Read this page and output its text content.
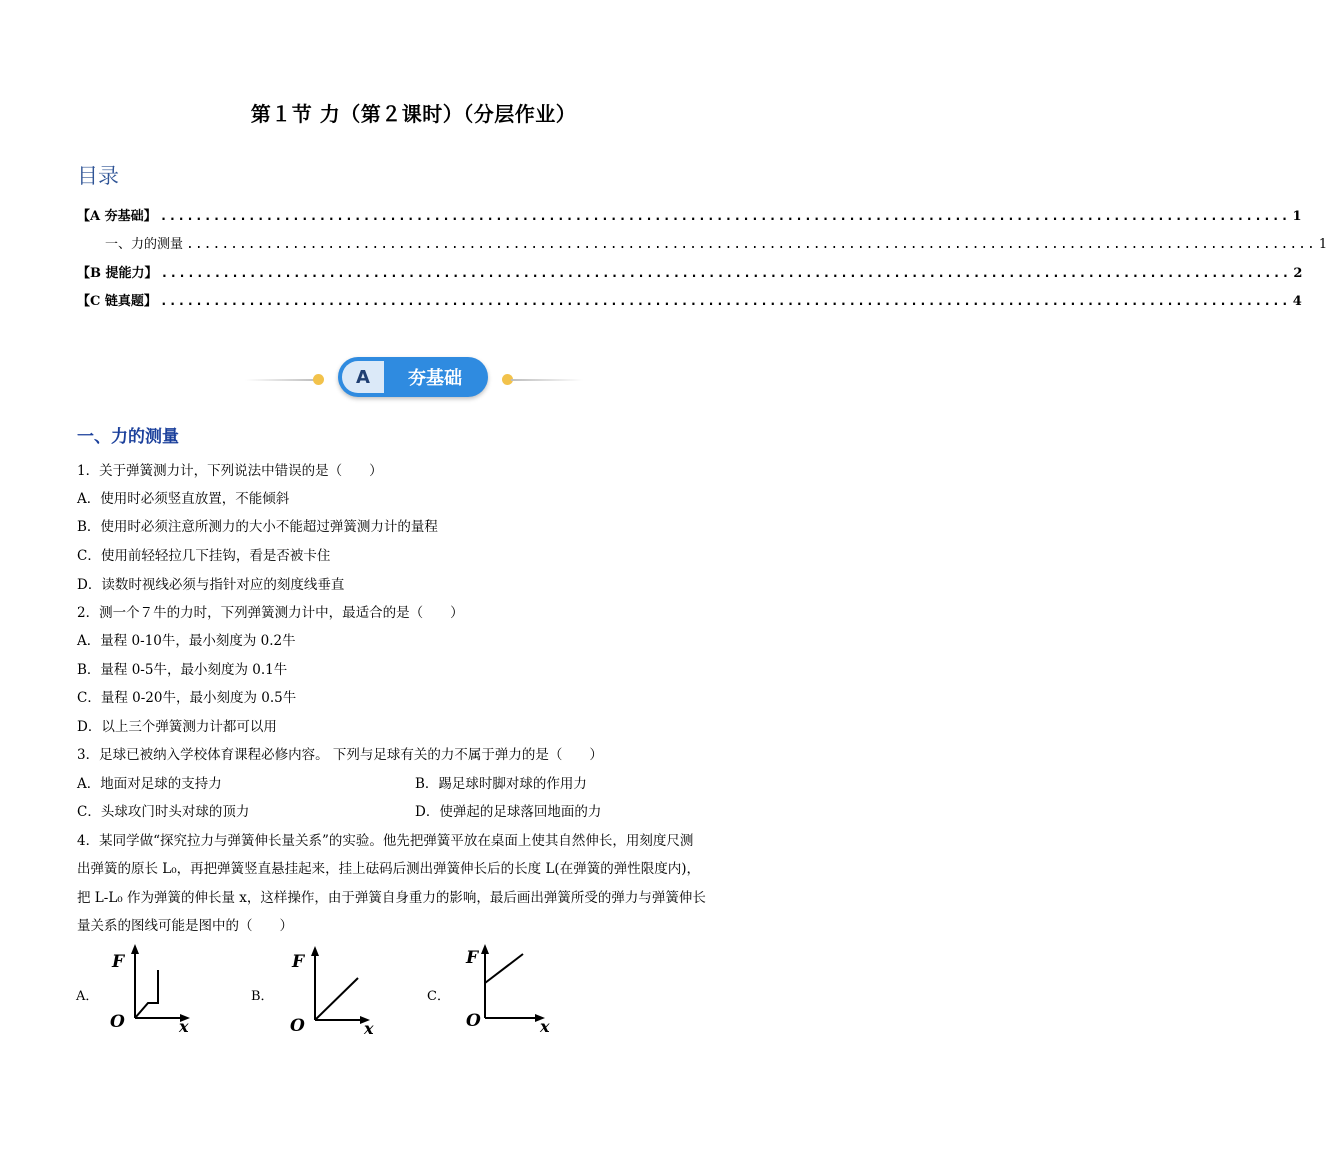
第１节 力（第２课时）（分层作业）
目录
【A 夯基础】 ................................................................................................................................ 1
一、力的测量 ................................................................................................................................ 1
【B 提能力】 ................................................................................................................................ 2
【C 链真题】 ................................................................................................................................ 4
A	夯基础
一、力的测量
1．关于弹簧测力计，下列说法中错误的是（　　）
A．使用时必须竖直放置，不能倾斜
B．使用时必须注意所测力的大小不能超过弹簧测力计的量程
C．使用前轻轻拉几下挂钩，看是否被卡住
D．读数时视线必须与指针对应的刻度线垂直
2．测一个７牛的力时，下列弹簧测力计中，最适合的是（　　）
A．量程 0-10牛，最小刻度为 0.2牛
B．量程 0-5牛，最小刻度为 0.1牛
C．量程 0-20牛，最小刻度为 0.5牛
D．以上三个弹簧测力计都可以用
3．足球已被纳入学校体育课程必修内容。 下列与足球有关的力不属于弹力的是（　　）
A．地面对足球的支持力	B．踢足球时脚对球的作用力
C．头球攻门时头对球的顶力	D．使弹起的足球落回地面的力
4．某同学做“探究拉力与弹簧伸长量关系”的实验。他先把弹簧平放在桌面上使其自然伸长，用刻度尺测
出弹簧的原长 L₀，再把弹簧竖直悬挂起来，挂上砝码后测出弹簧伸长后的长度 L(在弹簧的弹性限度内)，
把 L-L₀ 作为弹簧的伸长量 x，这样操作，由于弹簧自身重力的影响，最后画出弹簧所受的弹力与弹簧伸长
量关系的图线可能是图中的（　　）
A．
F
O	x
B．
F
O	x
C．
F
O	x
